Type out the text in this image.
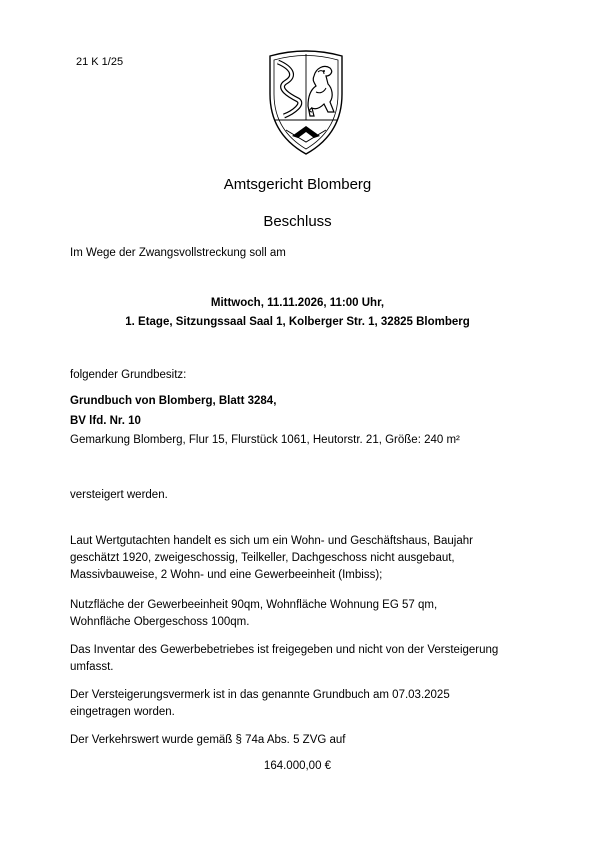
21 K 1/25
Amtsgericht Blomberg
Beschluss
Im Wege der Zwangsvollstreckung soll am
Mittwoch, 11.11.2026, 11:00 Uhr,
1. Etage, Sitzungssaal Saal 1, Kolberger Str. 1, 32825 Blomberg
folgender Grundbesitz:
Grundbuch von Blomberg, Blatt 3284,
BV lfd. Nr. 10
Gemarkung Blomberg, Flur 15, Flurstück 1061, Heutorstr. 21, Größe: 240 m²
versteigert werden.
Laut Wertgutachten handelt es sich um ein Wohn- und Geschäftshaus, Baujahr geschätzt 1920, zweigeschossig, Teilkeller, Dachgeschoss nicht ausgebaut, Massivbauweise, 2 Wohn- und eine Gewerbeeinheit (Imbiss);
Nutzfläche der Gewerbeeinheit 90qm, Wohnfläche Wohnung EG 57 qm, Wohnfläche Obergeschoss 100qm.
Das Inventar des Gewerbebetriebes ist freigegeben und nicht von der Versteigerung umfasst.
Der Versteigerungsvermerk ist in das genannte Grundbuch am 07.03.2025 eingetragen worden.
Der Verkehrswert wurde gemäß § 74a Abs. 5 ZVG auf
164.000,00 €
